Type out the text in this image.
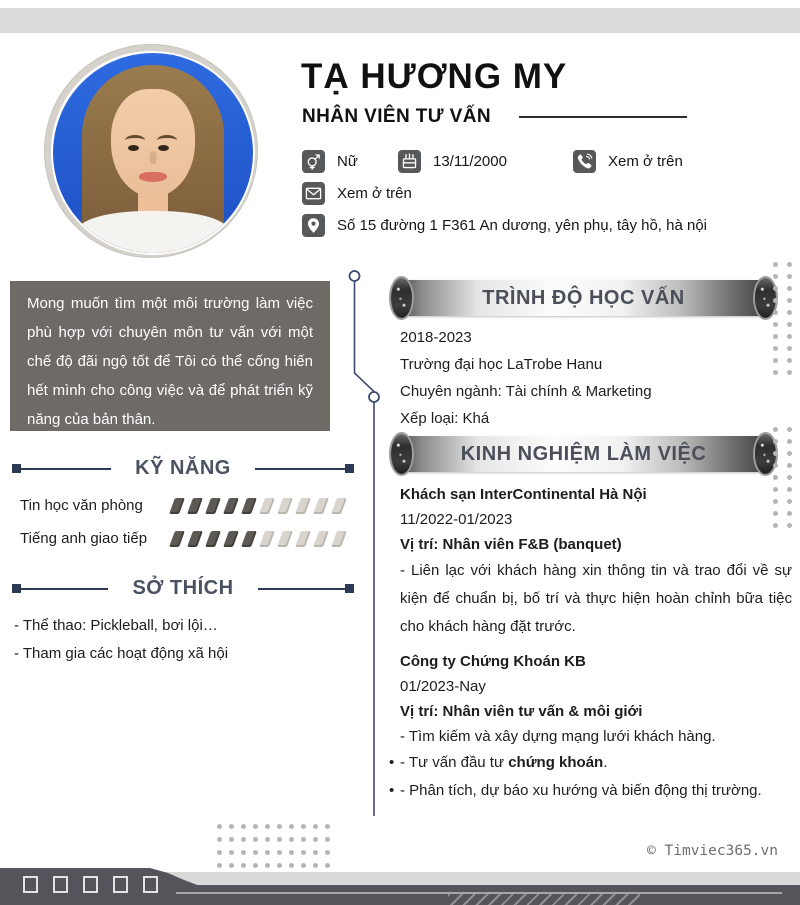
TẠ HƯƠNG MY
NHÂN VIÊN TƯ VẤN
Nữ	13/11/2000	Xem ở trên
Xem ở trên
Số 15 đường 1 F361 An dương, yên phụ, tây hồ, hà nội
Mong muốn tìm một môi trường làm việc phù hợp với chuyên môn tư vấn với một chế độ đãi ngộ tốt để Tôi có thể cống hiến hết mình cho công việc và để phát triển kỹ năng của bản thân.
TRÌNH ĐỘ HỌC VẤN
2018-2023
Trường đại học LaTrobe Hanu
Chuyên ngành: Tài chính & Marketing
Xếp loại: Khá
KINH NGHIỆM LÀM VIỆC
Khách sạn InterContinental Hà Nội
11/2022-01/2023
Vị trí: Nhân viên F&B (banquet)
- Liên lạc với khách hàng xin thông tin và trao đổi về sự kiện để chuẩn bị, bố trí và thực hiện hoàn chỉnh bữa tiệc cho khách hàng đặt trước.
Công ty Chứng Khoán KB
01/2023-Nay
Vị trí: Nhân viên tư vấn & môi giới
- Tìm kiếm và xây dựng mạng lưới khách hàng.
• - Tư vấn đầu tư chứng khoán.
• - Phân tích, dự báo xu hướng và biến động thị trường.
KỸ NĂNG
Tin học văn phòng
Tiếng anh giao tiếp
SỞ THÍCH
- Thể thao: Pickleball, bơi lội…
- Tham gia các hoạt động xã hội
© Timviec365.vn
